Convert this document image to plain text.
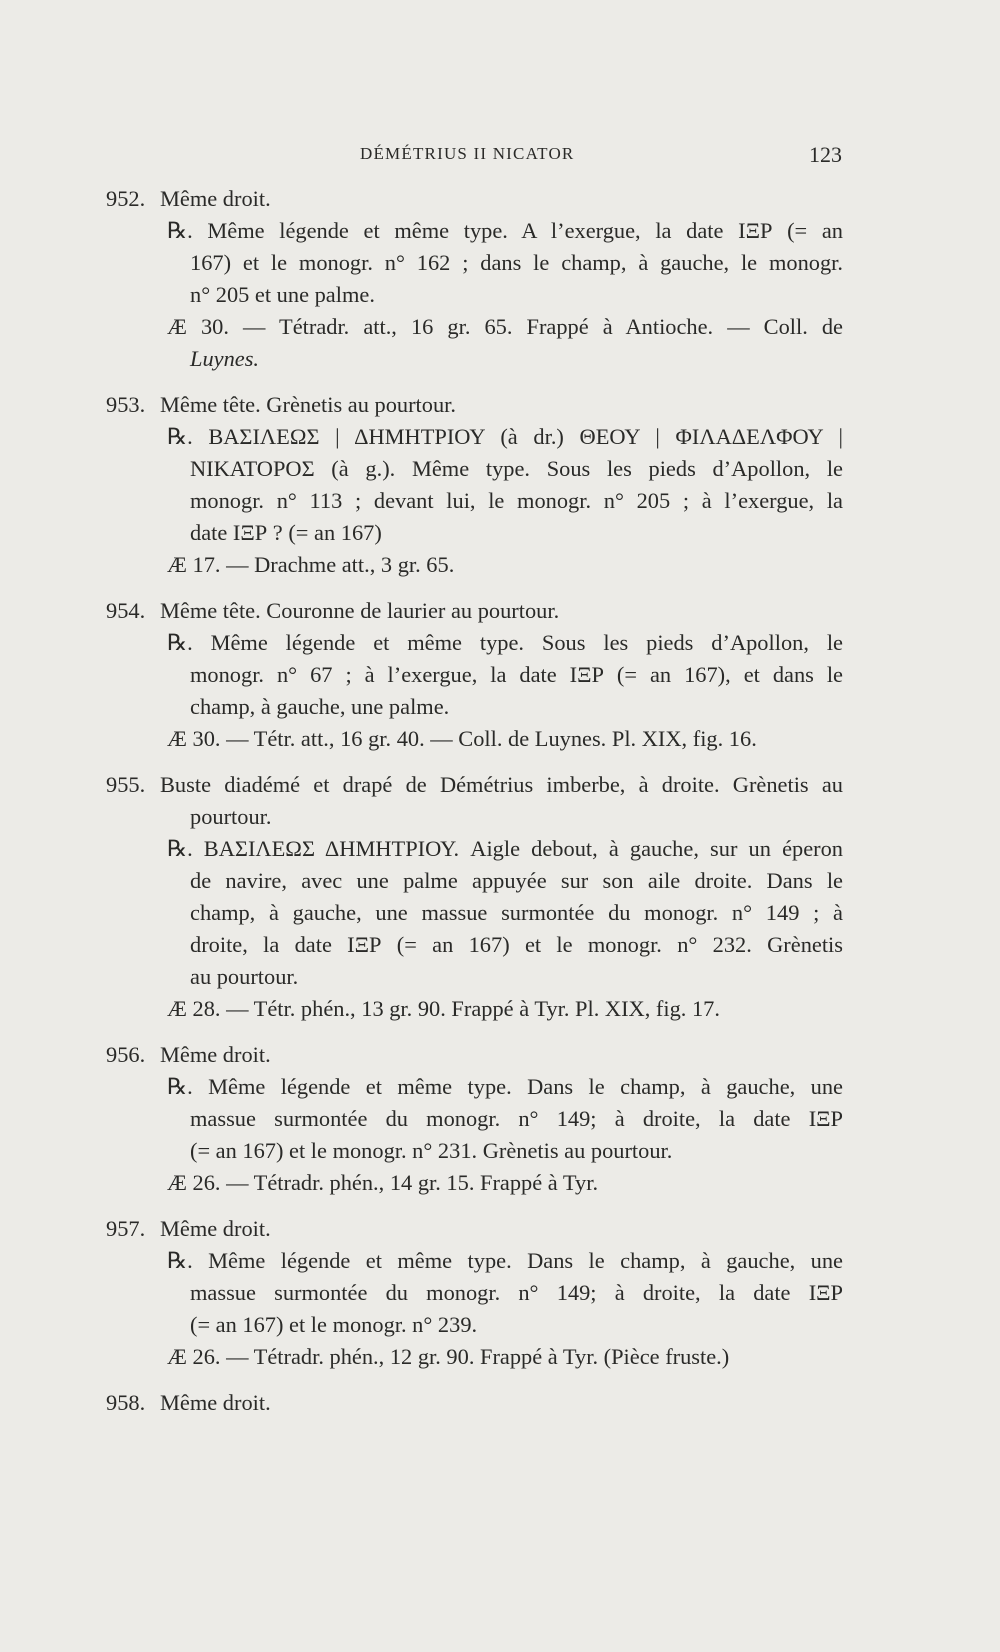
DÉMÉTRIUS II NICATOR	123
952. Même droit.
℞. Même légende et même type. A l’exergue, la date ΙΞΡ (= an
167) et le monogr. n° 162 ; dans le champ, à gauche, le monogr.
n° 205 et une palme.
Æ 30. — Tétradr. att., 16 gr. 65. Frappé à Antioche. — Coll. de
Luynes.
953. Même tête. Grènetis au pourtour.
℞. ΒΑΣΙΛΕΩΣ | ΔΗΜΗΤΡΙΟΥ (à dr.) ΘΕΟΥ | ΦΙΛΑΔΕΛΦΟΥ |
ΝΙΚΑΤΟΡΟΣ (à g.). Même type. Sous les pieds d’Apollon, le
monogr. n° 113 ; devant lui, le monogr. n° 205 ; à l’exergue, la
date ΙΞΡ ? (= an 167)
Æ 17. — Drachme att., 3 gr. 65.
954. Même tête. Couronne de laurier au pourtour.
℞. Même légende et même type. Sous les pieds d’Apollon, le
monogr. n° 67 ; à l’exergue, la date ΙΞΡ (= an 167), et dans le
champ, à gauche, une palme.
Æ 30. — Tétr. att., 16 gr. 40. — Coll. de Luynes. Pl. XIX, fig. 16.
955. Buste diadémé et drapé de Démétrius imberbe, à droite. Grènetis au
pourtour.
℞. ΒΑΣΙΛΕΩΣ ΔΗΜΗΤΡΙΟΥ. Aigle debout, à gauche, sur un éperon
de navire, avec une palme appuyée sur son aile droite. Dans le
champ, à gauche, une massue surmontée du monogr. n° 149 ; à
droite, la date ΙΞΡ (= an 167) et le monogr. n° 232. Grènetis
au pourtour.
Æ 28. — Tétr. phén., 13 gr. 90. Frappé à Tyr. Pl. XIX, fig. 17.
956. Même droit.
℞. Même légende et même type. Dans le champ, à gauche, une
massue surmontée du monogr. n° 149; à droite, la date ΙΞΡ
(= an 167) et le monogr. n° 231. Grènetis au pourtour.
Æ 26. — Tétradr. phén., 14 gr. 15. Frappé à Tyr.
957. Même droit.
℞. Même légende et même type. Dans le champ, à gauche, une
massue surmontée du monogr. n° 149; à droite, la date ΙΞΡ
(= an 167) et le monogr. n° 239.
Æ 26. — Tétradr. phén., 12 gr. 90. Frappé à Tyr. (Pièce fruste.)
958. Même droit.
